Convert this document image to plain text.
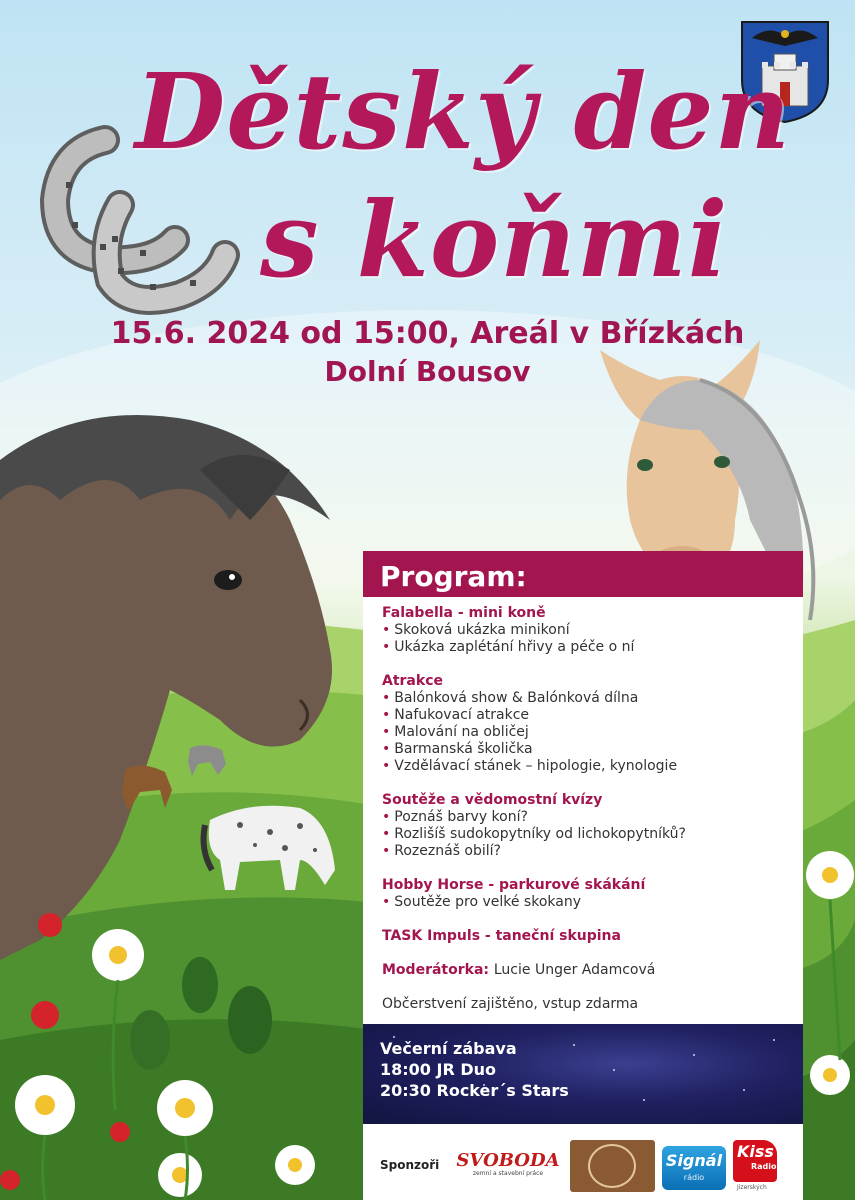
Dětský den
s koňmi

15.6. 2024 od 15:00, Areál v Břízkách

Dolní Bousov

Program:

Falabella - mini koně

• Skoková ukázka minikoní

• Ukázka zaplétání hřivy a péče o ní

Atrakce

• Balónková show & Balónková dílna

• Nafukovací atrakce

• Malování na obličej

• Barmanská školička

• Vzdělávací stánek – hipologie, kynologie

Soutěže a vědomostní kvízy

• Poznáš barvy koní?

• Rozlišíš sudokopytníky od lichokopytníků?

• Rozeznáš obilí?

Hobby Horse - parkurové skákání

• Soutěže pro velké skokany

TASK Impuls - taneční skupina

Moderátorka: Lucie Unger Adamcová

Občerstvení zajištěno, vstup zdarma

Večerní zábava

18:00 JR Duo

20:30 Rocker´s Stars

Sponzoři SVOBODA
zemní a stavební práce
Signál
rádio
Kiss
Radio
Jizerských
